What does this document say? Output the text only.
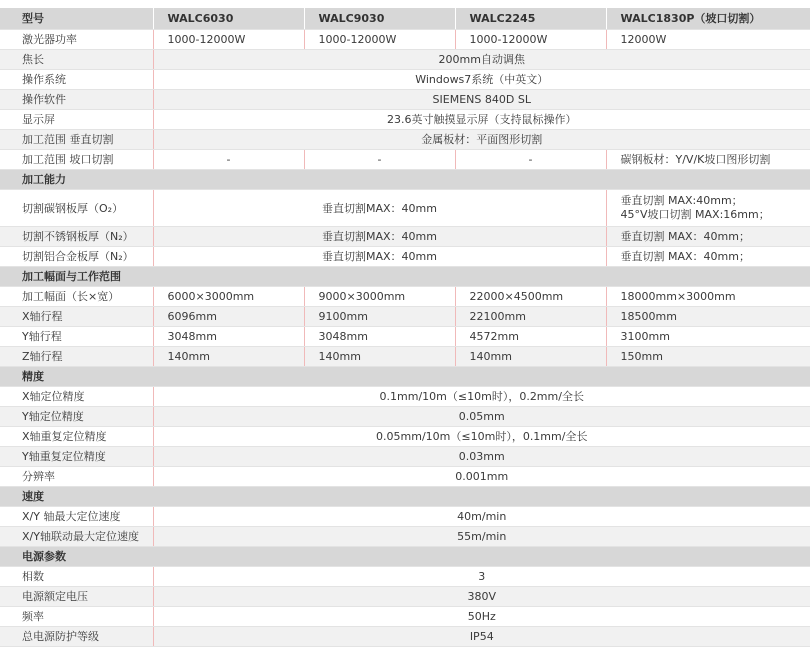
型号	WALC6030	WALC9030	WALC2245	WALC1830P（坡口切割）
激光器功率	1000-12000W	1000-12000W	1000-12000W	12000W
焦长	200mm自动调焦			
操作系统	Windows7系统（中英文）			
操作软件	SIEMENS 840D SL			
显示屏	23.6英寸触摸显示屏（支持鼠标操作）			
加工范围 垂直切割	金属板材：平面图形切割			
加工范围 坡口切割	-	-	-	碳钢板材：Y/V/K坡口图形切割
加工能力				
切割碳钢板厚（O₂）	垂直切割MAX：40mm			垂直切割 MAX:40mm；
45°V坡口切割 MAX:16mm；

切割不锈钢板厚（N₂）	垂直切割MAX：40mm			垂直切割 MAX：40mm；
切割铝合金板厚（N₂）	垂直切割MAX：40mm			垂直切割 MAX：40mm；
加工幅面与工作范围				
加工幅面（长×宽）	6000×3000mm	9000×3000mm	22000×4500mm	18000mm×3000mm
X轴行程	6096mm	9100mm	22100mm	18500mm
Y轴行程	3048mm	3048mm	4572mm	3100mm
Z轴行程	140mm	140mm	140mm	150mm
精度				
X轴定位精度	0.1mm/10m（≤10m时），0.2mm/全长			
Y轴定位精度	0.05mm			
X轴重复定位精度	0.05mm/10m（≤10m时），0.1mm/全长			
Y轴重复定位精度	0.03mm			
分辨率	0.001mm			
速度				
X/Y 轴最大定位速度	40m/min			
X/Y轴联动最大定位速度	55m/min			
电源参数				
相数	3			
电源额定电压	380V			
频率	50Hz			
总电源防护等级	IP54			
